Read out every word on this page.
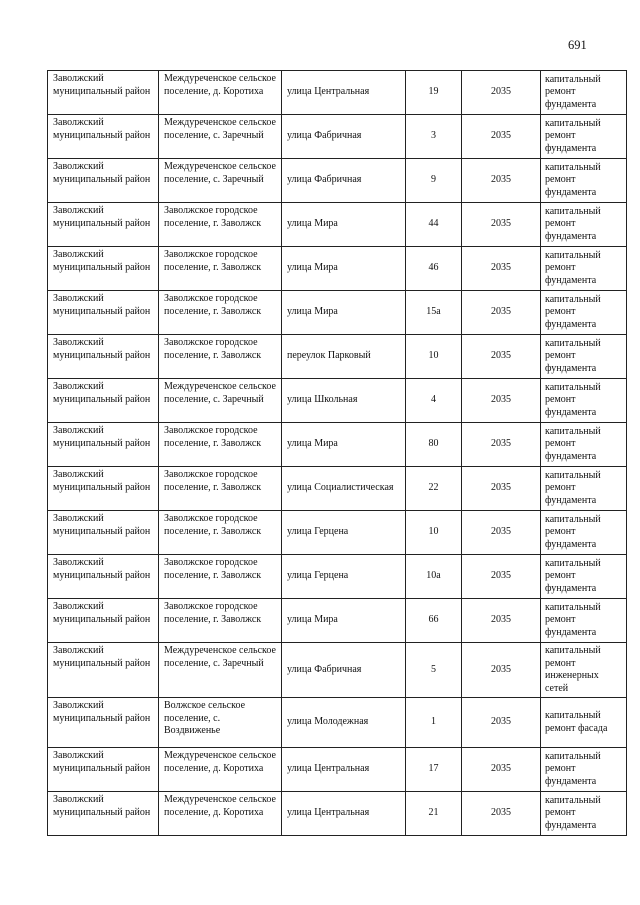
691
Заволжский муниципальный район	Междуреченское сельское поселение, д. Коротиха	улица Центральная	19	2035	капитальный ремонт фундамента
Заволжский муниципальный район	Междуреченское сельское поселение, с. Заречный	улица Фабричная	3	2035	капитальный ремонт фундамента
Заволжский муниципальный район	Междуреченское сельское поселение, с. Заречный	улица Фабричная	9	2035	капитальный ремонт фундамента
Заволжский муниципальный район	Заволжское городское поселение, г. Заволжск	улица Мира	44	2035	капитальный ремонт фундамента
Заволжский муниципальный район	Заволжское городское поселение, г. Заволжск	улица Мира	46	2035	капитальный ремонт фундамента
Заволжский муниципальный район	Заволжское городское поселение, г. Заволжск	улица Мира	15а	2035	капитальный ремонт фундамента
Заволжский муниципальный район	Заволжское городское поселение, г. Заволжск	переулок Парковый	10	2035	капитальный ремонт фундамента
Заволжский муниципальный район	Междуреченское сельское поселение, с. Заречный	улица Школьная	4	2035	капитальный ремонт фундамента
Заволжский муниципальный район	Заволжское городское поселение, г. Заволжск	улица Мира	80	2035	капитальный ремонт фундамента
Заволжский муниципальный район	Заволжское городское поселение, г. Заволжск	улица Социалистическая	22	2035	капитальный ремонт фундамента
Заволжский муниципальный район	Заволжское городское поселение, г. Заволжск	улица Герцена	10	2035	капитальный ремонт фундамента
Заволжский муниципальный район	Заволжское городское поселение, г. Заволжск	улица Герцена	10а	2035	капитальный ремонт фундамента
Заволжский муниципальный район	Заволжское городское поселение, г. Заволжск	улица Мира	66	2035	капитальный ремонт фундамента
Заволжский муниципальный район	Междуреченское сельское поселение, с. Заречный	улица Фабричная	5	2035	капитальный ремонт инженерных сетей
Заволжский муниципальный район	Волжское сельское поселение, с. Воздвиженье	улица Молодежная	1	2035	капитальный ремонт фасада
Заволжский муниципальный район	Междуреченское сельское поселение, д. Коротиха	улица Центральная	17	2035	капитальный ремонт фундамента
Заволжский муниципальный район	Междуреченское сельское поселение, д. Коротиха	улица Центральная	21	2035	капитальный ремонт фундамента
